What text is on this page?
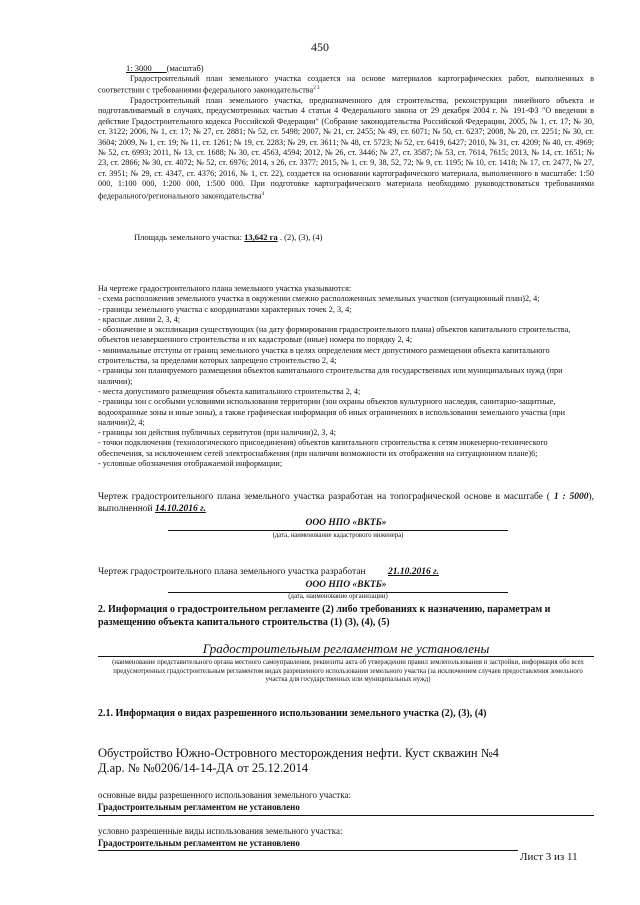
450
1: 3000 (масштаб)

Градостроительный план земельного участка создается на основе материалов картографических работ, выполненных в соответствии с требованиями федерального законодательства$^{2 3}$

Градостроительный план земельного участка, предназначенного для строительства, реконструкции линейного объекта и подготавливаемый в случаях, предусмотренных частью 4 статьи 4 Федерального закона от 29 декабря 2004 г. № 191-ФЗ "О введении в действие Градостроительного кодекса Российской Федерации" (Собрание законодательства Российской Федерации, 2005, № 1, ст. 17; № 30, ст. 3122; 2006, № 1, ст. 17; № 27, ст. 2881; № 52, ст. 5498; 2007, № 21, ст. 2455; № 49, ст. 6071; № 50, ст. 6237; 2008, № 20, ст. 2251; № 30, ст. 3604; 2009, № 1, ст. 19; № 11, ст. 1261; № 19, ст. 2283; № 29, ст. 3611; № 48, ст. 5723; № 52, ст. 6419, 6427; 2010, № 31, ст. 4209; № 40, ст. 4969; № 52, ст. 6993; 2011, № 13, ст. 1688; № 30, ст. 4563, 4594; 2012, № 26, ст. 3446; № 27, ст. 3587; № 53, ст. 7614, 7615; 2013, № 14, ст. 1651; № 23, ст. 2866; № 30, ст. 4072; № 52, ст. 6976; 2014, з 26, ст. 3377; 2015, № 1, ст. 9, 38, 52, 72; № 9, ст. 1195; № 10, ст. 1418; № 17, ст. 2477, № 27, ст. 3951; № 29, ст. 4347, ст. 4376; 2016, № 1, ст. 22), создается на основании картографического материала, выполненного в масштабе: 1:50 000, 1:100 000, 1:200 000, 1:500 000. При подготовке картографического материала необходимо руководствоваться требованиями федерального/регионального законодательства$^4$

Площадь земельного участка: 13,642 га . (2), (3), (4)
На чертеже градостроительного плана земельного участка указываются:
- схема расположения земельного участка в окружении смежно расположенных земельных участков (ситуационный план)2, 4;
- границы земельного участка с координатами характерных точек 2, 3, 4;
- красные линии 2, 3, 4;
- обозначение и экспликация существующих (на дату формирования градостроительного плана) объектов капитального строительства, объектов незавершенного строительства и их кадастровые (иные) номера по порядку 2, 4;
- минимальные отступы от границ земельного участка в целях определения мест допустимого размещения объекта капитального строительства, за пределами которых запрещено строительство 2, 4;
- границы зон планируемого размещения объектов капитального строительства для государственных или муниципальных нужд (при наличии);
- места допустимого размещения объекта капитального строительства 2, 4;
- границы зон с особыми условиями использования территории (зон охраны объектов культурного наследия, санитарно-защитные, водоохранные зоны и иные зоны), а также графическая информация об иных ограничениях в использовании земельного участка (при наличии)2, 4;
- границы зон действия публичных сервитутов (при наличии)2, 3, 4;
- точки подключения (технологического присоединения) объектов капитального строительства к сетям инженерно-технического обеспечения, за исключением сетей электроснабжения (при наличии возможности их отображения на ситуационном плане)6;
- условные обозначения отображаемой информации;
Чертеж градостроительного плана земельного участка разработан на топографической основе в масштабе ( 1 : 5000), выполненной 14.10.2016 г.
ООО НПО «ВКТБ»
(дата, наименование кадастрового инженера)
Чертеж градостроительного плана земельного участка разработан 21.10.2016 г.
ООО НПО «ВКТБ»
(дата, наименование организации)
2. Информация о градостроительном регламенте (2) либо требованиях к назначению, параметрам и размещению объекта капитального строительства (1) (3), (4), (5)
Градостроительным регламентом не установлены
(наименование представительного органа местного самоуправления, реквизиты акта об утверждении правил землепользования и застройки, информация обо всех предусмотренных градостроительным регламентом видах разрешенного использования земельного участка (за исключением случаев предоставления земельного участка для государственных или муниципальных нужд)
2.1. Информация о видах разрешенного использовании земельного участка (2), (3), (4)
Обустройство Южно-Островного месторождения нефти. Куст скважин №4
Д.ар. № №0206/14-14-ДА от 25.12.2014
основные виды разрешенного использования земельного участка:
Градостроительным регламентом не установлено
условно разрешенные виды использования земельного участка:
Градостроительным регламентом не установлено
Лист 3 из 11
